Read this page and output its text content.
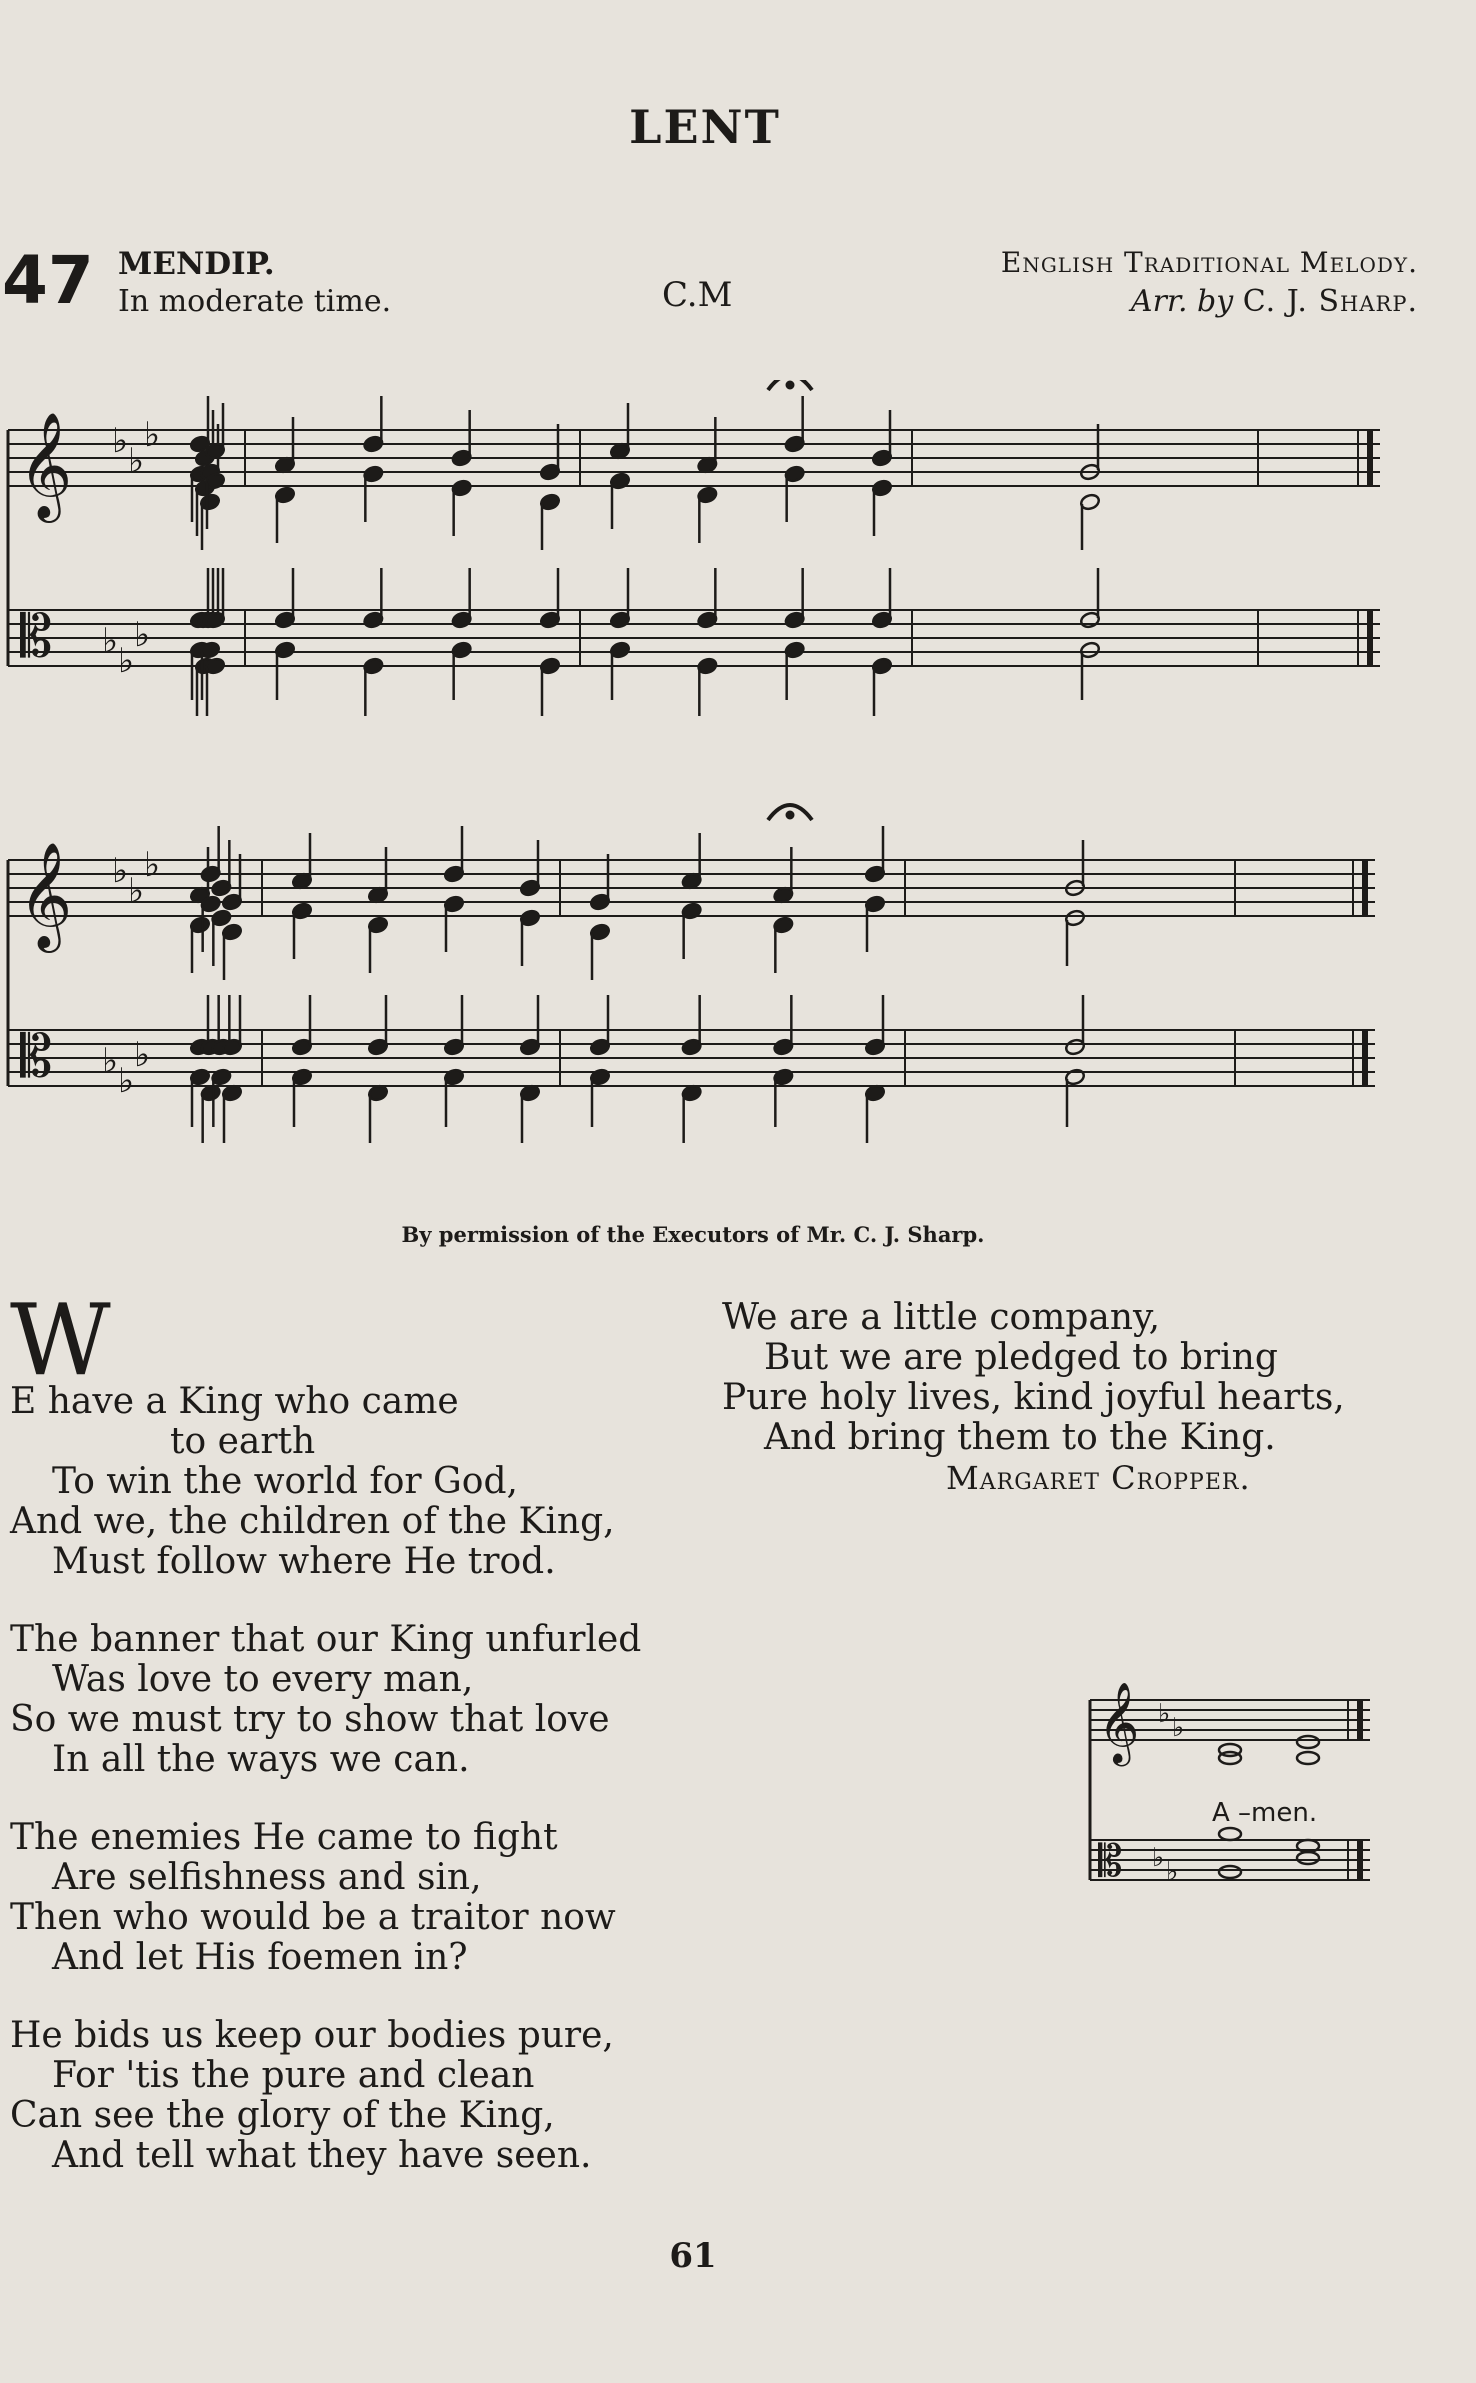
LENT
47 MENDIP.
In moderate time.	C.M
English Traditional Melody.
Arr. by C. J. Sharp.
𝄞
𝄡
♭ ♭
♭
♭ ♭
♭
𝄞
𝄡
♭ ♭
♭
♭ ♭
♭
By permission of the Executors of Mr. C. J. Sharp.
W
E have a King who came
to earth
To win the world for God,
And we, the children of the King,
Must follow where He trod.
The banner that our King unfurled
Was love to every man,
So we must try to show that love
In all the ways we can.
The enemies He came to fight
Are selfishness and sin,
Then who would be a traitor now
And let His foemen in?
He bids us keep our bodies pure,
For 'tis the pure and clean
Can see the glory of the King,
And tell what they have seen.
We are a little company,
But we are pledged to bring
Pure holy lives, kind joyful hearts,
And bring them to the King.
Margaret Cropper.
𝄞
𝄡
♭ ♭
♭ ♭
A –men.
61
